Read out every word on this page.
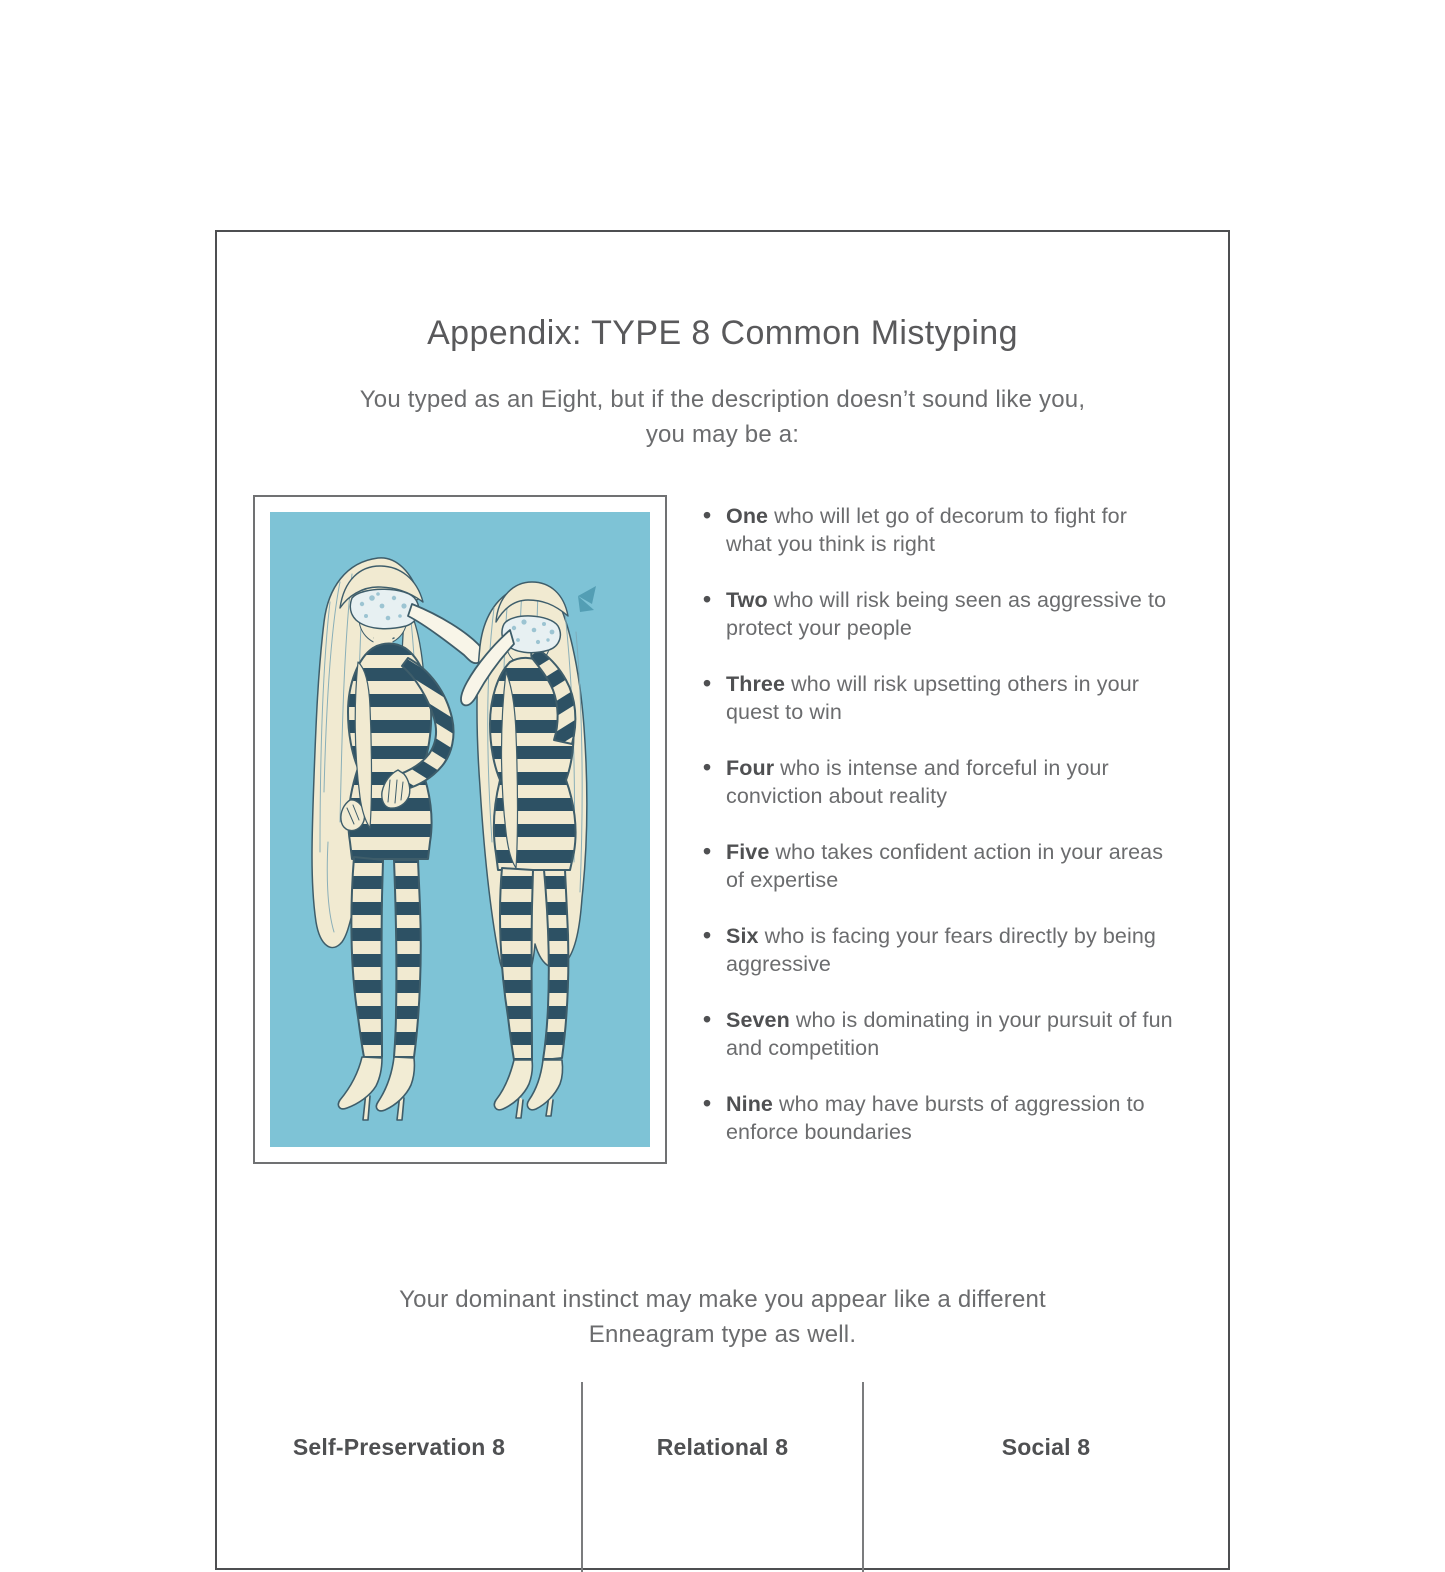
Appendix: TYPE 8 Common Mistyping
You typed as an Eight, but if the description doesn’t sound like you,
you may be a:
• One who will let go of decorum to fight for what you think is right
• Two who will risk being seen as aggressive to protect your people
• Three who will risk upsetting others in your quest to win
• Four who is intense and forceful in your conviction about reality
• Five who takes confident action in your areas of expertise
• Six who is facing your fears directly by being aggressive
• Seven who is dominating in your pursuit of fun and competition
• Nine who may have bursts of aggression to enforce boundaries
Your dominant instinct may make you appear like a different
Enneagram type as well.
Self-Preservation 8	Relational 8	Social 8
